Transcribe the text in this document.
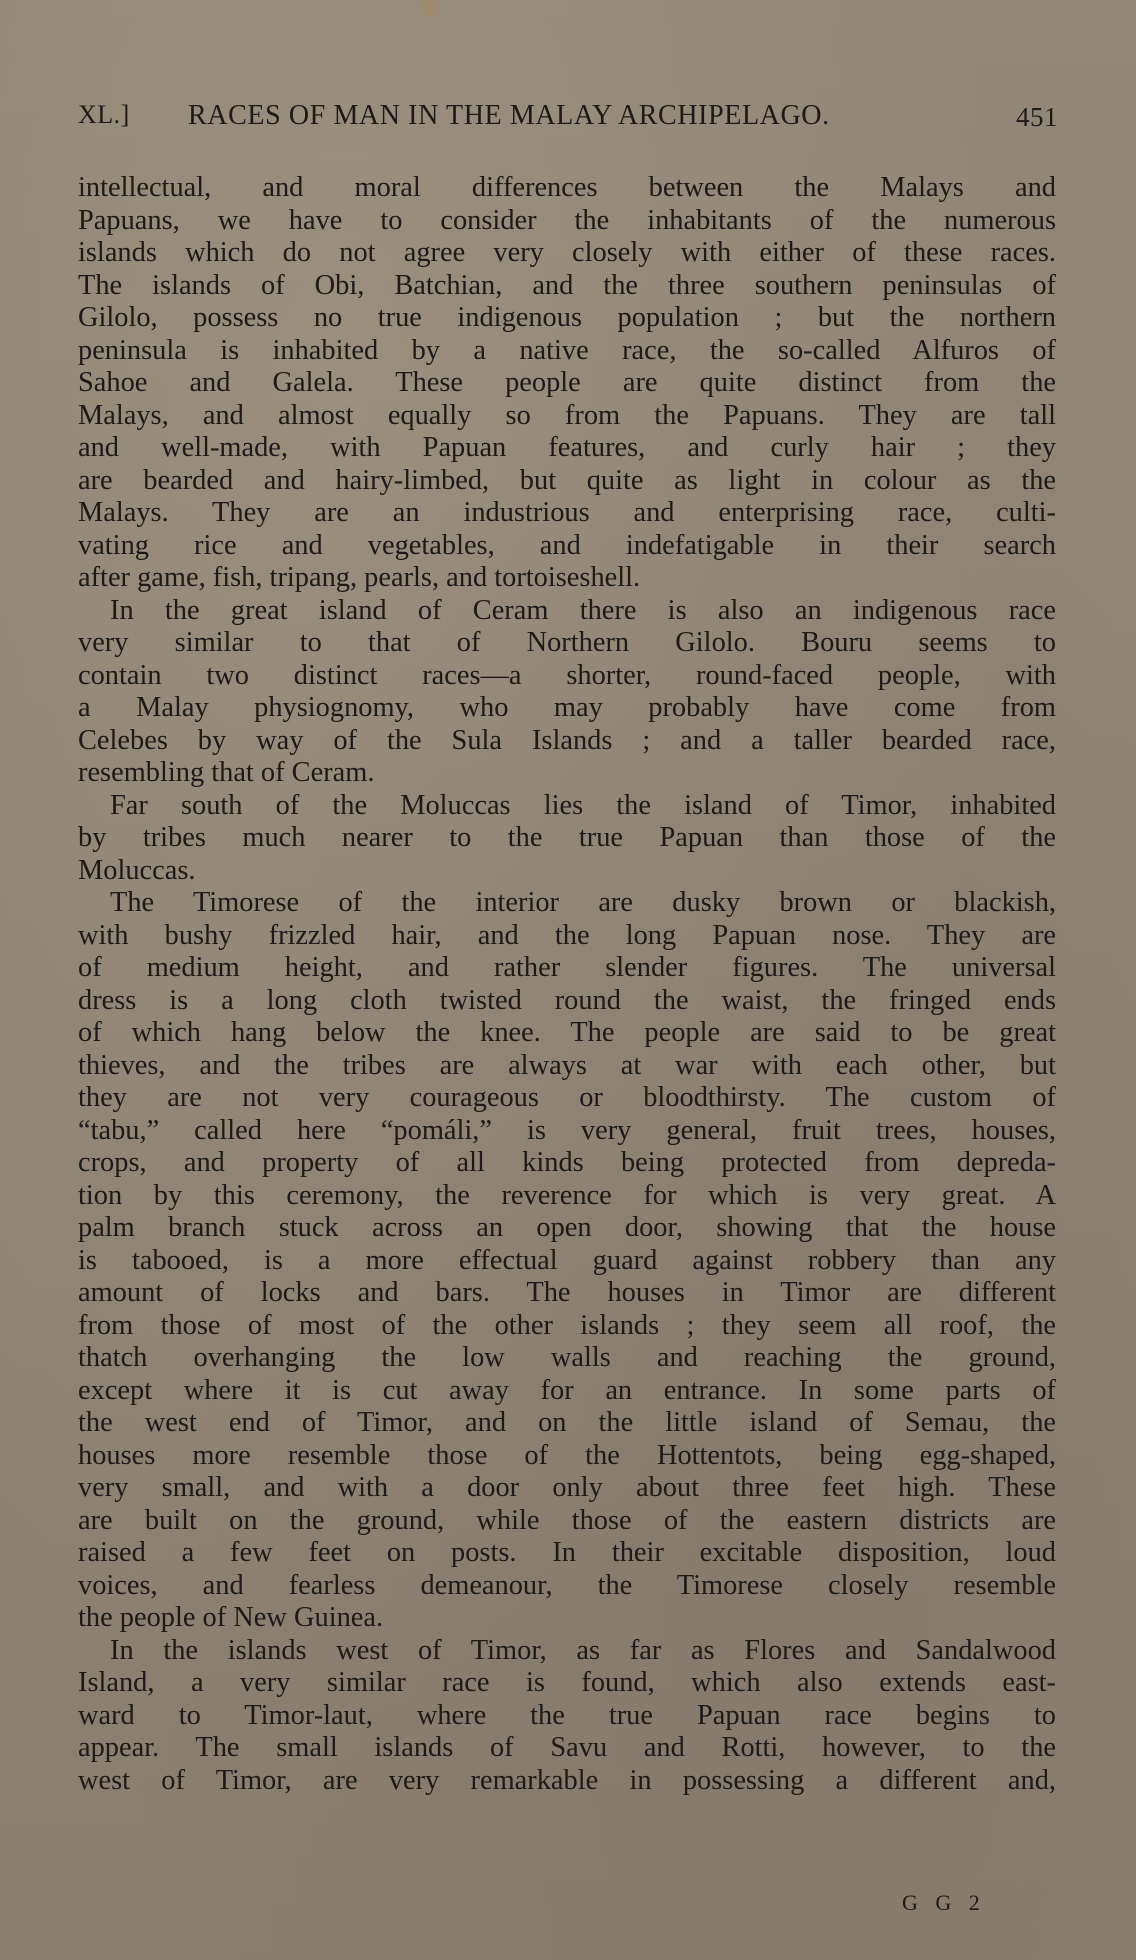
XL.] RACES OF MAN IN THE MALAY ARCHIPELAGO.	451
intellectual, and moral differences between the Malays and
Papuans, we have to consider the inhabitants of the numerous
islands which do not agree very closely with either of these races.
The islands of Obi, Batchian, and the three southern peninsulas of
Gilolo, possess no true indigenous population ; but the northern
peninsula is inhabited by a native race, the so-called Alfuros of
Sahoe and Galela. These people are quite distinct from the
Malays, and almost equally so from the Papuans. They are tall
and well-made, with Papuan features, and curly hair ; they
are bearded and hairy-limbed, but quite as light in colour as the
Malays. They are an industrious and enterprising race, culti-
vating rice and vegetables, and indefatigable in their search
after game, fish, tripang, pearls, and tortoiseshell.
In the great island of Ceram there is also an indigenous race
very similar to that of Northern Gilolo. Bouru seems to
contain two distinct races—a shorter, round-faced people, with
a Malay physiognomy, who may probably have come from
Celebes by way of the Sula Islands ; and a taller bearded race,
resembling that of Ceram.
Far south of the Moluccas lies the island of Timor, inhabited
by tribes much nearer to the true Papuan than those of the
Moluccas.
The Timorese of the interior are dusky brown or blackish,
with bushy frizzled hair, and the long Papuan nose. They are
of medium height, and rather slender figures. The universal
dress is a long cloth twisted round the waist, the fringed ends
of which hang below the knee. The people are said to be great
thieves, and the tribes are always at war with each other, but
they are not very courageous or bloodthirsty. The custom of
“tabu,” called here “pomáli,” is very general, fruit trees, houses,
crops, and property of all kinds being protected from depreda-
tion by this ceremony, the reverence for which is very great. A
palm branch stuck across an open door, showing that the house
is tabooed, is a more effectual guard against robbery than any
amount of locks and bars. The houses in Timor are different
from those of most of the other islands ; they seem all roof, the
thatch overhanging the low walls and reaching the ground,
except where it is cut away for an entrance. In some parts of
the west end of Timor, and on the little island of Semau, the
houses more resemble those of the Hottentots, being egg-shaped,
very small, and with a door only about three feet high. These
are built on the ground, while those of the eastern districts are
raised a few feet on posts. In their excitable disposition, loud
voices, and fearless demeanour, the Timorese closely resemble
the people of New Guinea.
In the islands west of Timor, as far as Flores and Sandalwood
Island, a very similar race is found, which also extends east-
ward to Timor-laut, where the true Papuan race begins to
appear. The small islands of Savu and Rotti, however, to the
west of Timor, are very remarkable in possessing a different and,
G G 2
